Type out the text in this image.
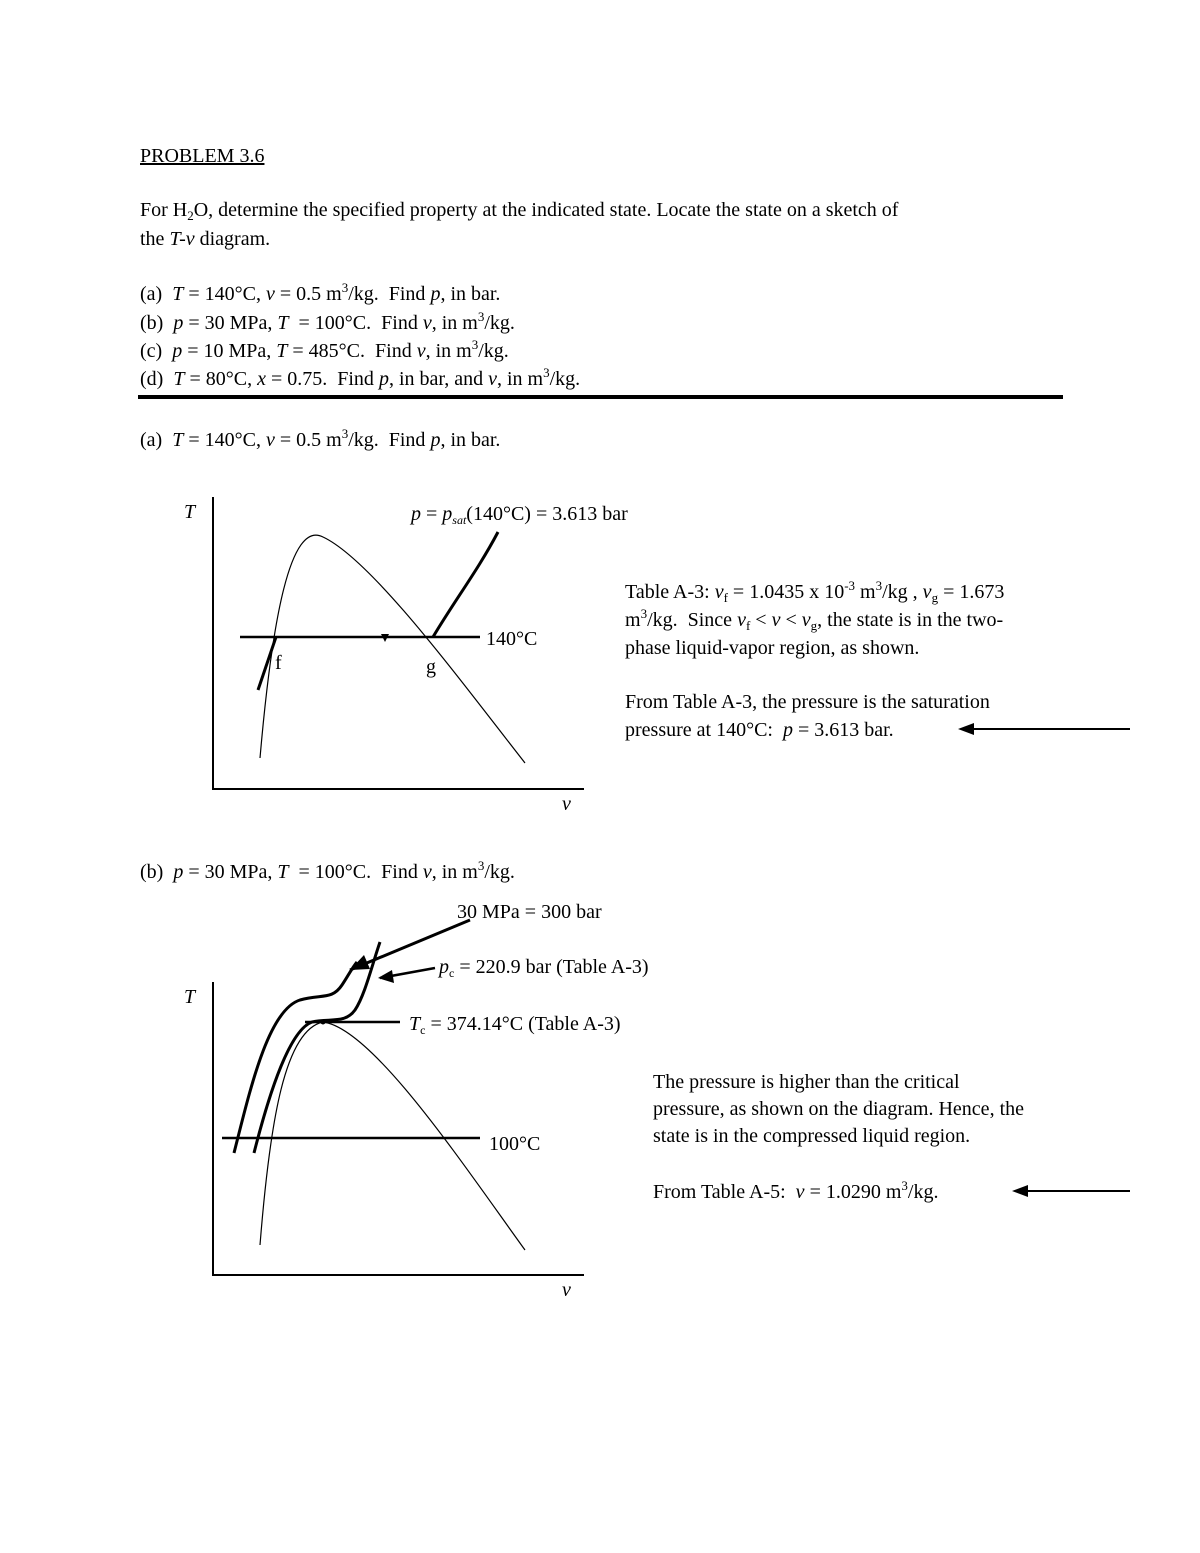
PROBLEM 3.6
For $H_2O$, determine the specified property at the indicated state. Locate the state on a sketch of
the T-v diagram.
(a)  T = 140°C, v = 0.5 $m^3/kg$.  Find p, in bar.
(b)  p = 30 MPa, T  = 100°C.  Find v, in $m^3/kg$.
(c)  p = 10 MPa, T = 485°C.  Find v, in $m^3/kg$.
(d)  T = 80°C, x = 0.75.  Find p, in bar, and v, in $m^3/kg$.
(a)  T = 140°C, v = 0.5 $m^3/kg$.  Find p, in bar.
T
v
f	g
140°C
$p = p_{sat}(140^\circ C) = 3.613$ bar
Table A-3: $v_f = 1.0435$ x $10^{-3}$ $m^3/kg$ , $v_g = 1.673$
$m^3/kg$.  Since $v_f < v < v_g$, the state is in the two-
phase liquid-vapor region, as shown.
From Table A-3, the pressure is the saturation
pressure at 140°C:  p = 3.613 bar.
(b)  p = 30 MPa, T  = 100°C.  Find v, in $m^3/kg$.
T
v
30 MPa = 300 bar
$p_c = 220.9$ bar (Table A-3)
$T_c = 374.14^\circ C$ (Table A-3)
100°C
The pressure is higher than the critical
pressure, as shown on the diagram. Hence, the
state is in the compressed liquid region.
From Table A-5:  v = 1.0290 $m^3/kg$.
